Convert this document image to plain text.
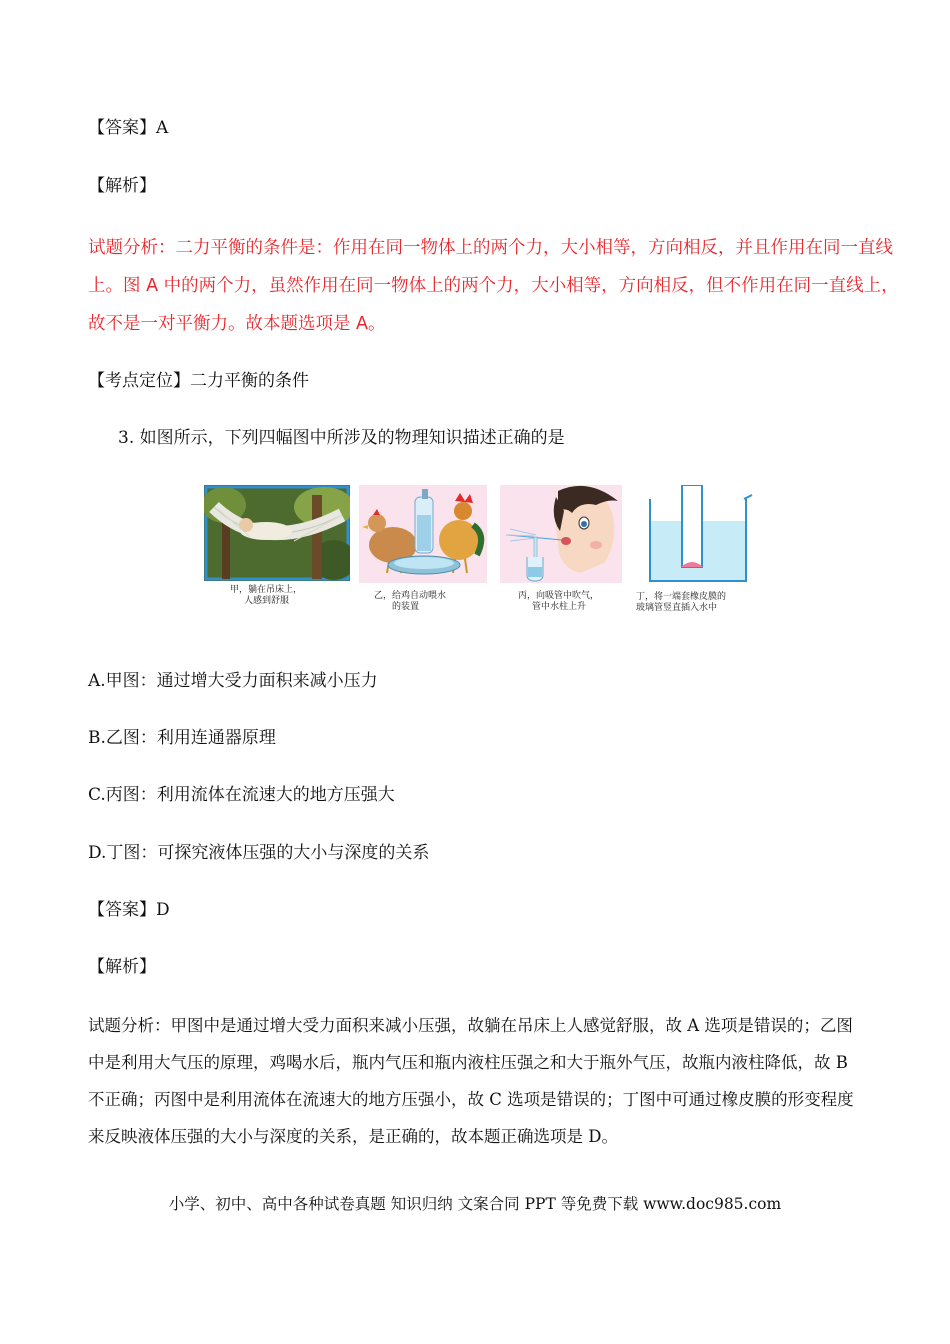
【答案】A
【解析】
试题分析：二力平衡的条件是：作用在同一物体上的两个力，大小相等，方向相反，并且作用在同一直线
上。图 A 中的两个力，虽然作用在同一物体上的两个力，大小相等，方向相反，但不作用在同一直线上，
故不是一对平衡力。故本题选项是 A。
【考点定位】二力平衡的条件
3. 如图所示，下列四幅图中所涉及的物理知识描述正确的是
甲，躺在吊床上，
人感到舒服	乙，给鸡自动喂水
的装置
丙，向吸管中吹气，
管中水柱上升
丁，将一端套橡皮膜的
玻璃管竖直插入水中
A.甲图：通过增大受力面积来减小压力
B.乙图：利用连通器原理
C.丙图：利用流体在流速大的地方压强大
D.丁图：可探究液体压强的大小与深度的关系
【答案】D
【解析】
试题分析：甲图中是通过增大受力面积来减小压强，故躺在吊床上人感觉舒服，故 A 选项是错误的；乙图中是利用大气压的原理，鸡喝水后，瓶内气压和瓶内液柱压强之和大于瓶外气压，故瓶内液柱降低，故 B 不正确；丙图中是利用流体在流速大的地方压强小，故 C 选项是错误的；丁图中可通过橡皮膜的形变程度来反映液体压强的大小与深度的关系，是正确的，故本题正确选项是 D。
小学、初中、高中各种试卷真题 知识归纳 文案合同 PPT 等免费下载 www.doc985.com
